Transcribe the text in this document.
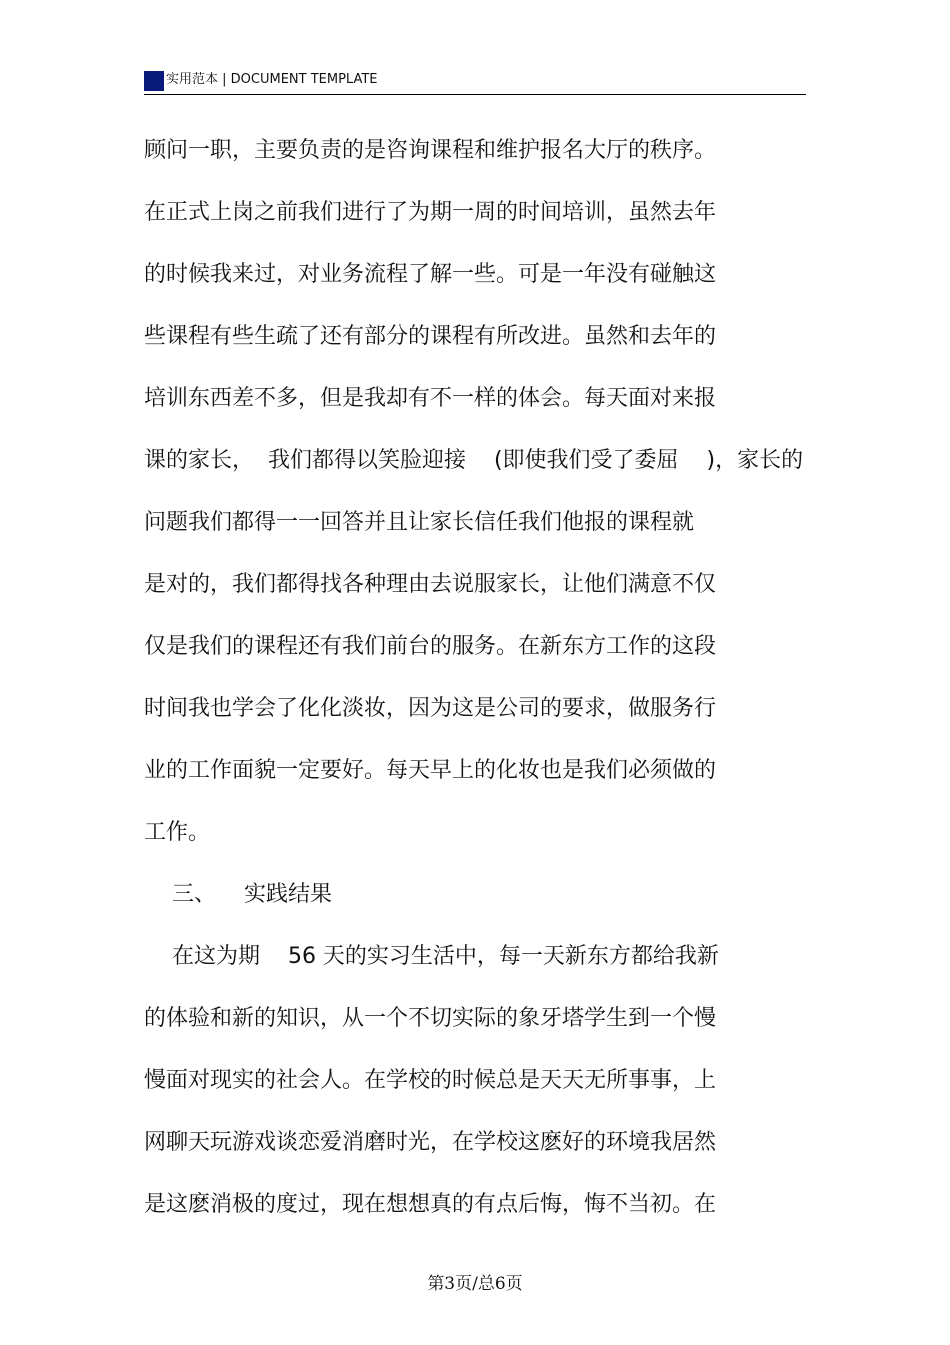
实用范本 | DOCUMENT TEMPLATE
顾问一职，主要负责的是咨询课程和维护报名大厅的秩序。
在正式上岗之前我们进行了为期一周的时间培训，虽然去年
的时候我来过，对业务流程了解一些。可是一年没有碰触这
些课程有些生疏了还有部分的课程有所改进。虽然和去年的
培训东西差不多，但是我却有不一样的体会。每天面对来报
课的家长，  我们都得以笑脸迎接    (即使我们受了委屈    )，家长的
问题我们都得一一回答并且让家长信任我们他报的课程就
是对的，我们都得找各种理由去说服家长，让他们满意不仅
仅是我们的课程还有我们前台的服务。在新东方工作的这段
时间我也学会了化化淡妆，因为这是公司的要求，做服务行
业的工作面貌一定要好。每天早上的化妆也是我们必须做的
工作。
三、    实践结果
在这为期    56 天的实习生活中，每一天新东方都给我新
的体验和新的知识，从一个不切实际的象牙塔学生到一个慢
慢面对现实的社会人。在学校的时候总是天天无所事事，上
网聊天玩游戏谈恋爱消磨时光，在学校这麽好的环境我居然
是这麽消极的度过，现在想想真的有点后悔，悔不当初。在
第3页/总6页
